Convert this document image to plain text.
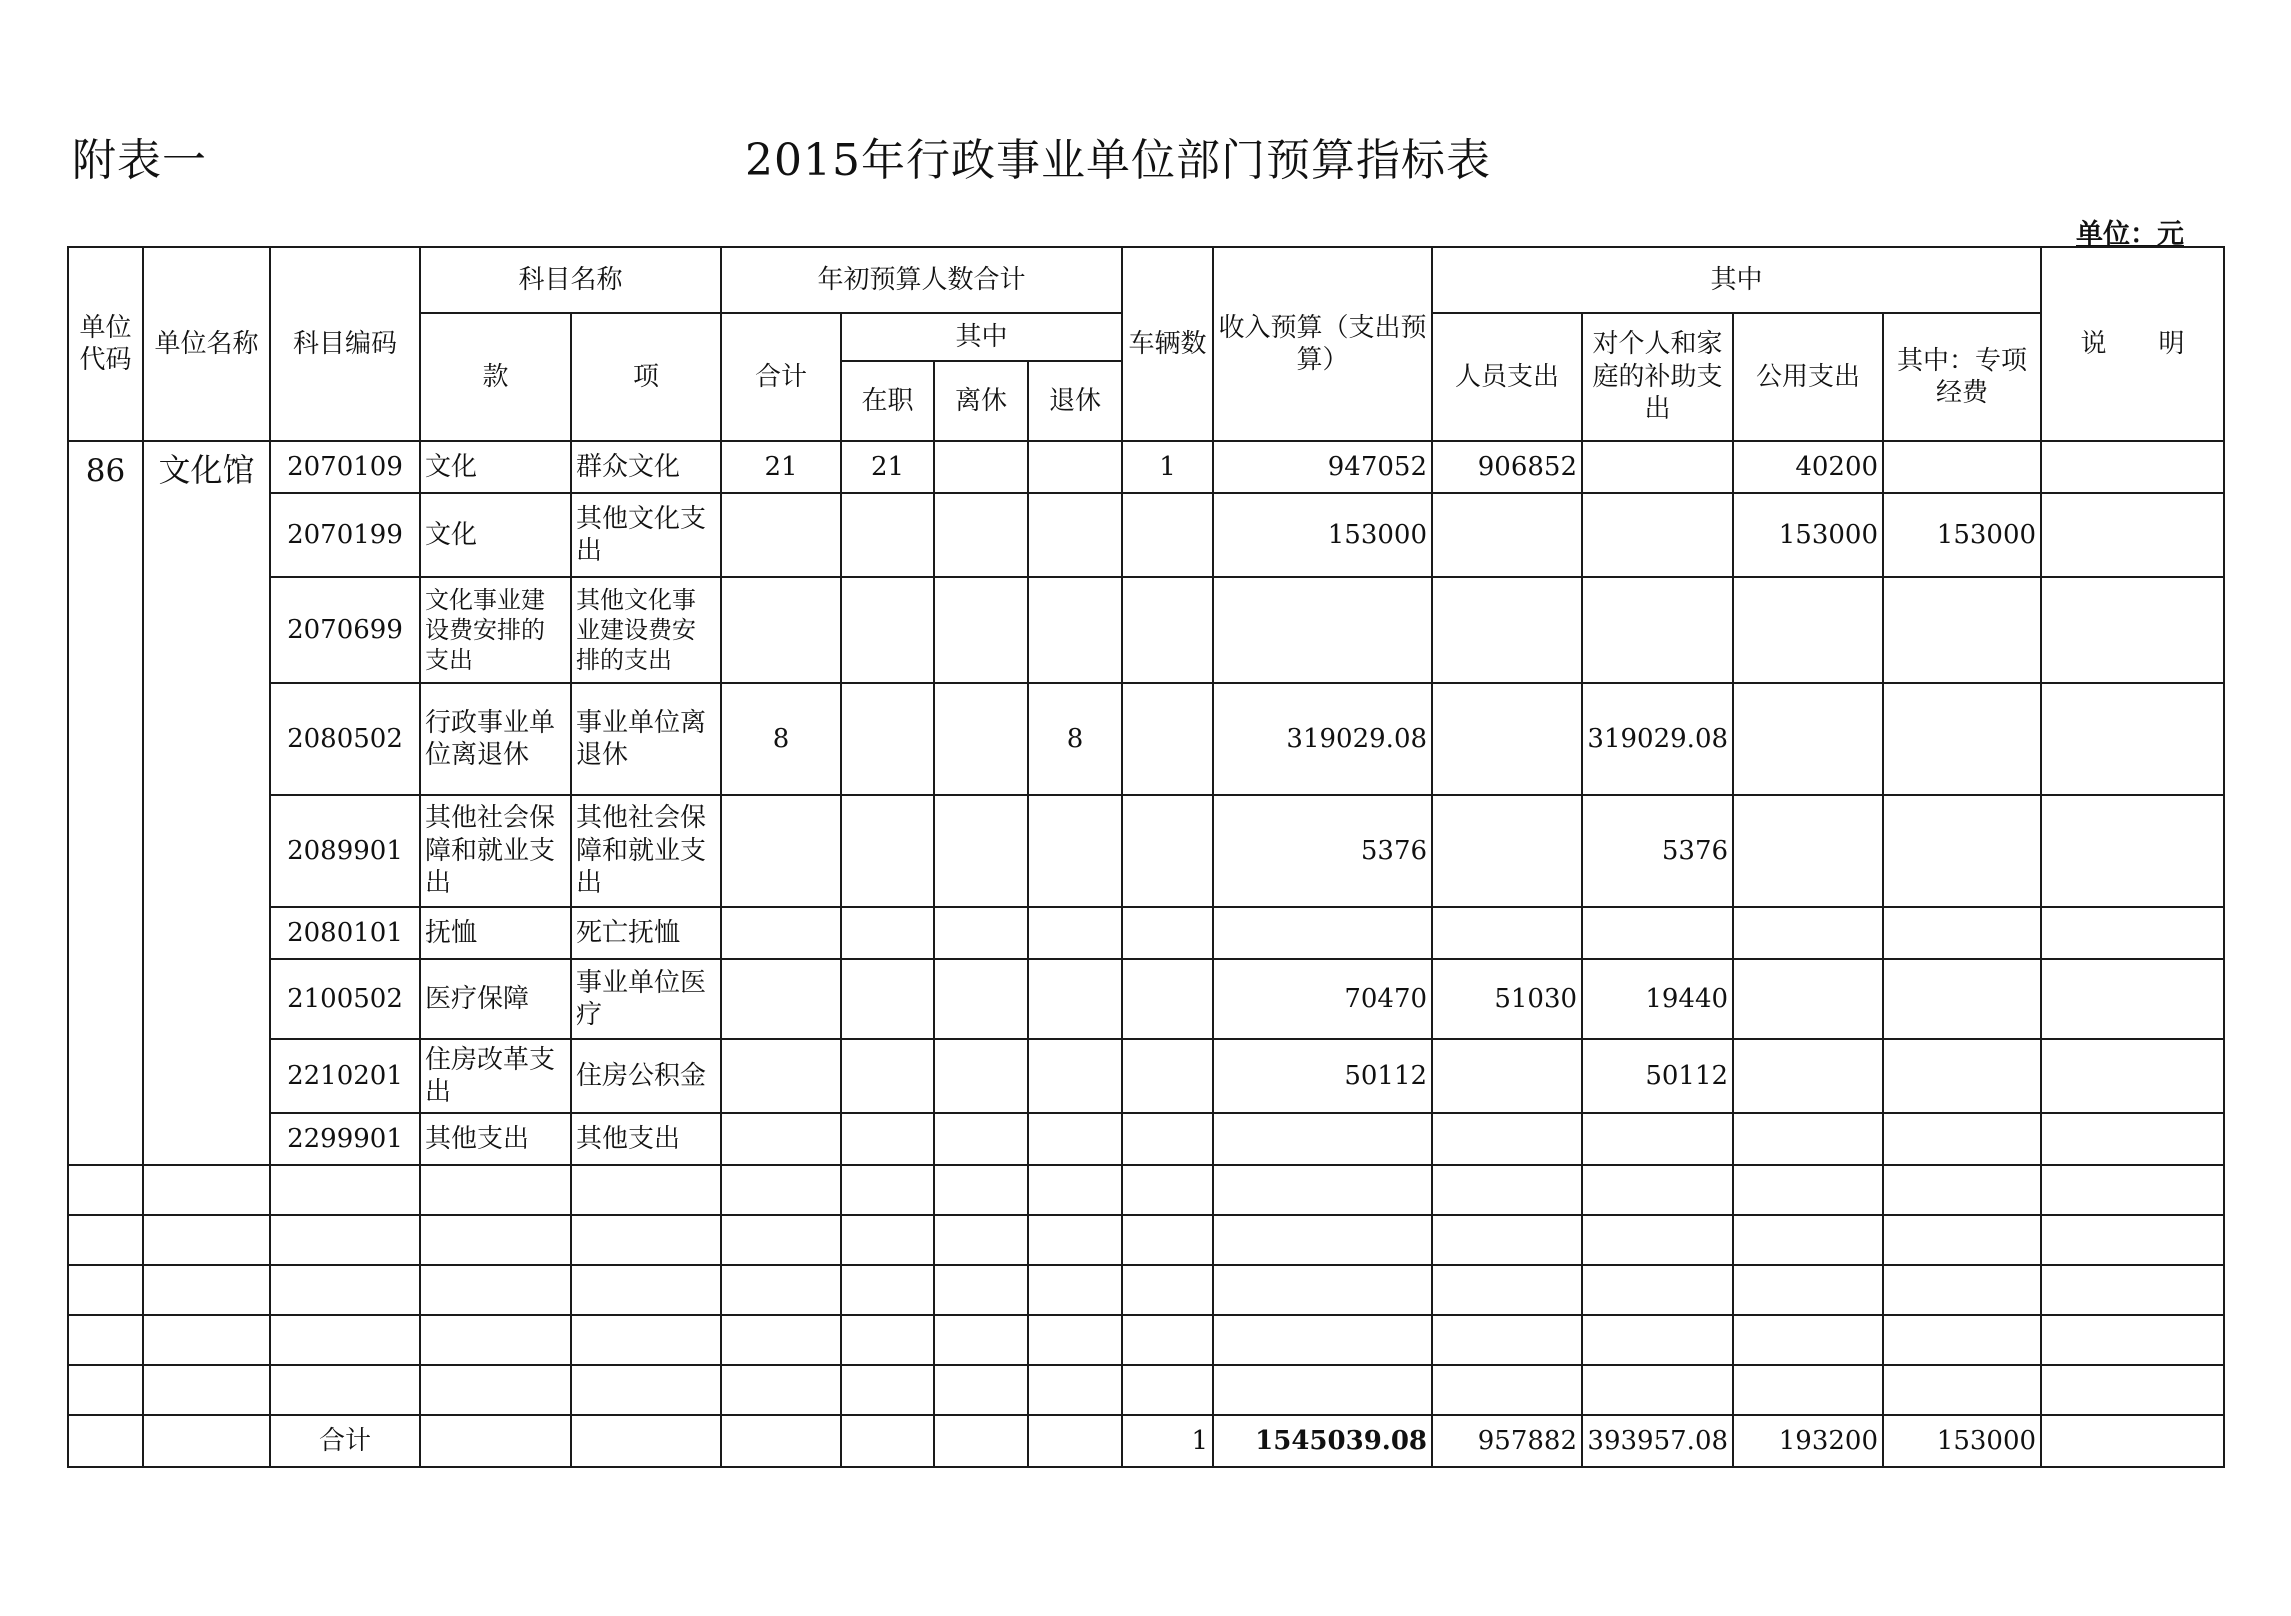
附表一	2015年行政事业单位部门预算指标表
单位：元
单位代码	单位名称	科目编码	科目名称		年初预算人数合计				车辆数	收入预算（支出预算）	其中				说　　明
			款	项	合计	其中					人员支出	对个人和家庭的补助支出	公用支出	其中：专项经费	
						在职	离休	退休							
86	文化馆	2070109	文化	群众文化	21	21			1	947052	906852		40200		
		2070199	文化	其他文化支出						153000			153000	153000	
		2070699	文化事业建设费安排的支出	其他文化事业建设费安排的支出											
		2080502	行政事业单位离退休	事业单位离退休	8			8		319029.08		319029.08			
		2089901	其他社会保障和就业支出	其他社会保障和就业支出						5376		5376			
		2080101	抚恤	死亡抚恤											
		2100502	医疗保障	事业单位医疗						70470	51030	19440			
		2210201	住房改革支出	住房公积金						50112		50112			
		2299901	其他支出	其他支出											

		合计							1	1545039.08	957882	393957.08	193200	153000	
